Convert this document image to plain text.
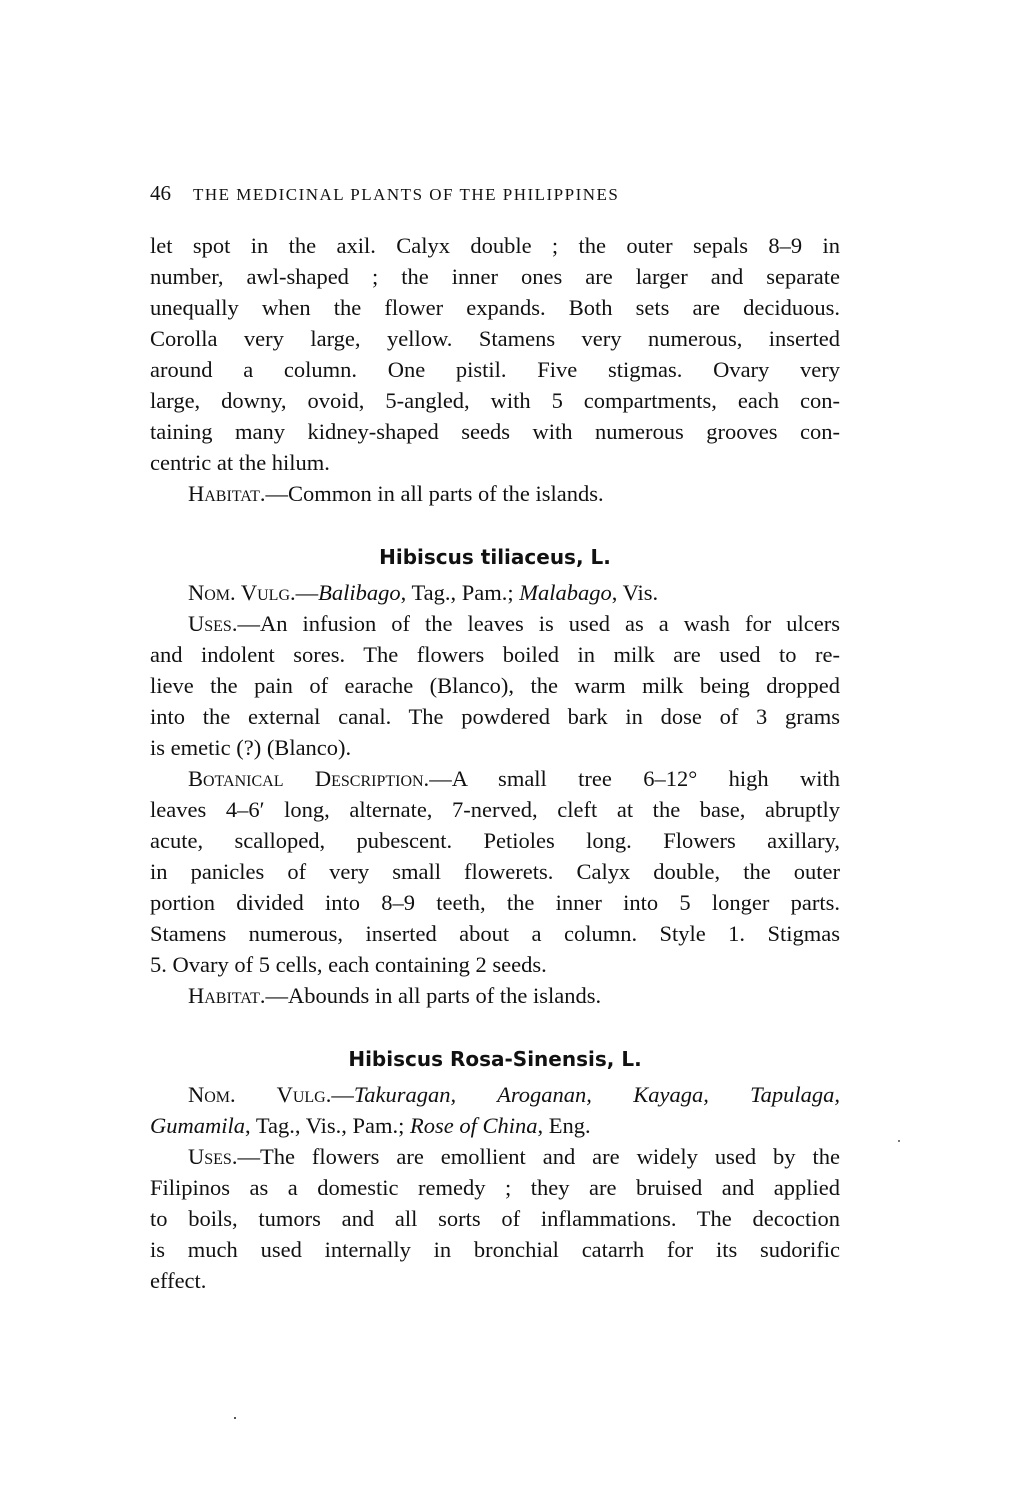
46 THE MEDICINAL PLANTS OF THE PHILIPPINES
let spot in the axil. Calyx double ; the outer sepals 8–9 in
number, awl-shaped ; the inner ones are larger and separate
unequally when the flower expands. Both sets are deciduous.
Corolla very large, yellow. Stamens very numerous, inserted
around a column. One pistil. Five stigmas. Ovary very
large, downy, ovoid, 5-angled, with 5 compartments, each con-
taining many kidney-shaped seeds with numerous grooves con-
centric at the hilum.
Habitat.—Common in all parts of the islands.
Hibiscus tiliaceus, L.
Nom. Vulg.—Balibago, Tag., Pam.; Malabago, Vis.
Uses.—An infusion of the leaves is used as a wash for ulcers
and indolent sores. The flowers boiled in milk are used to re-
lieve the pain of earache (Blanco), the warm milk being dropped
into the external canal. The powdered bark in dose of 3 grams
is emetic (?) (Blanco).
Botanical Description.—A small tree 6–12° high with
leaves 4–6′ long, alternate, 7-nerved, cleft at the base, abruptly
acute, scalloped, pubescent. Petioles long. Flowers axillary,
in panicles of very small flowerets. Calyx double, the outer
portion divided into 8–9 teeth, the inner into 5 longer parts.
Stamens numerous, inserted about a column. Style 1. Stigmas
5. Ovary of 5 cells, each containing 2 seeds.
Habitat.—Abounds in all parts of the islands.
Hibiscus Rosa-Sinensis, L.
Nom. Vulg.—Takuragan, Aroganan, Kayaga, Tapulaga,
Gumamila, Tag., Vis., Pam.; Rose of China, Eng.
Uses.—The flowers are emollient and are widely used by the
Filipinos as a domestic remedy ; they are bruised and applied
to boils, tumors and all sorts of inflammations. The decoction
is much used internally in bronchial catarrh for its sudorific
effect.
